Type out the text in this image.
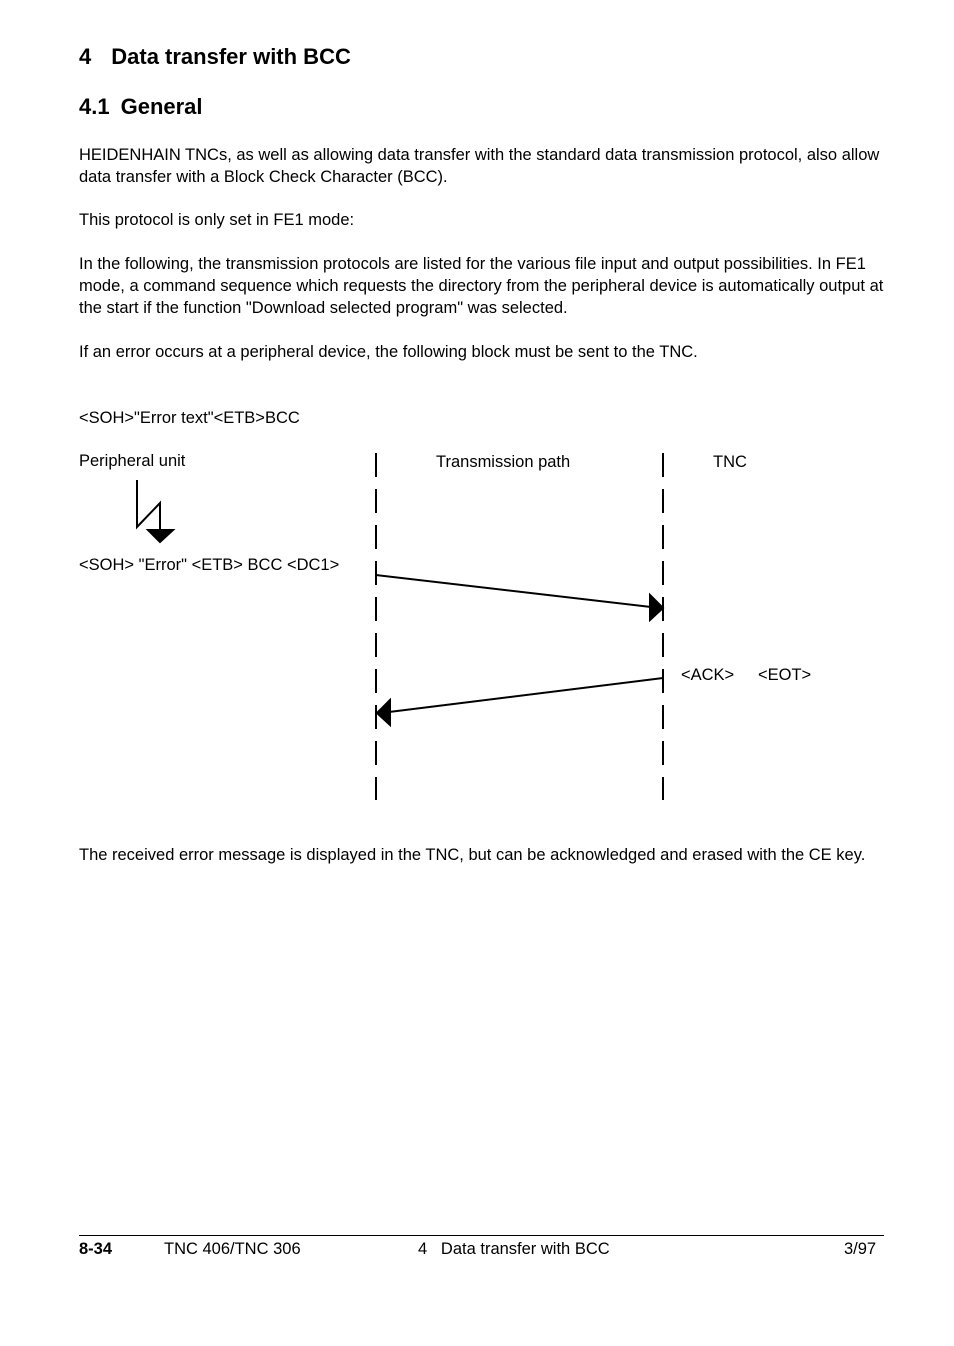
4 Data transfer with BCC
4.1 General
HEIDENHAIN TNCs, as well as allowing data transfer with the standard data transmission protocol, also allow data transfer with a Block Check Character (BCC).
This protocol is only set in FE1 mode:
In the following, the transmission protocols are listed for the various file input and output possibilities. In FE1 mode, a command sequence which requests the directory from the peripheral device is automatically output at the start if the function "Download selected program" was selected.
If an error occurs at a peripheral device, the following block must be sent to the TNC.
<SOH>"Error text"<ETB>BCC
Peripheral unit	Transmission path	TNC
<SOH> "Error" <ETB> BCC <DC1>
<ACK> <EOT>
The received error message is displayed in the TNC, but can be acknowledged and erased with the CE key.
8-34	TNC 406/TNC 306	4   Data transfer with BCC	3/97
